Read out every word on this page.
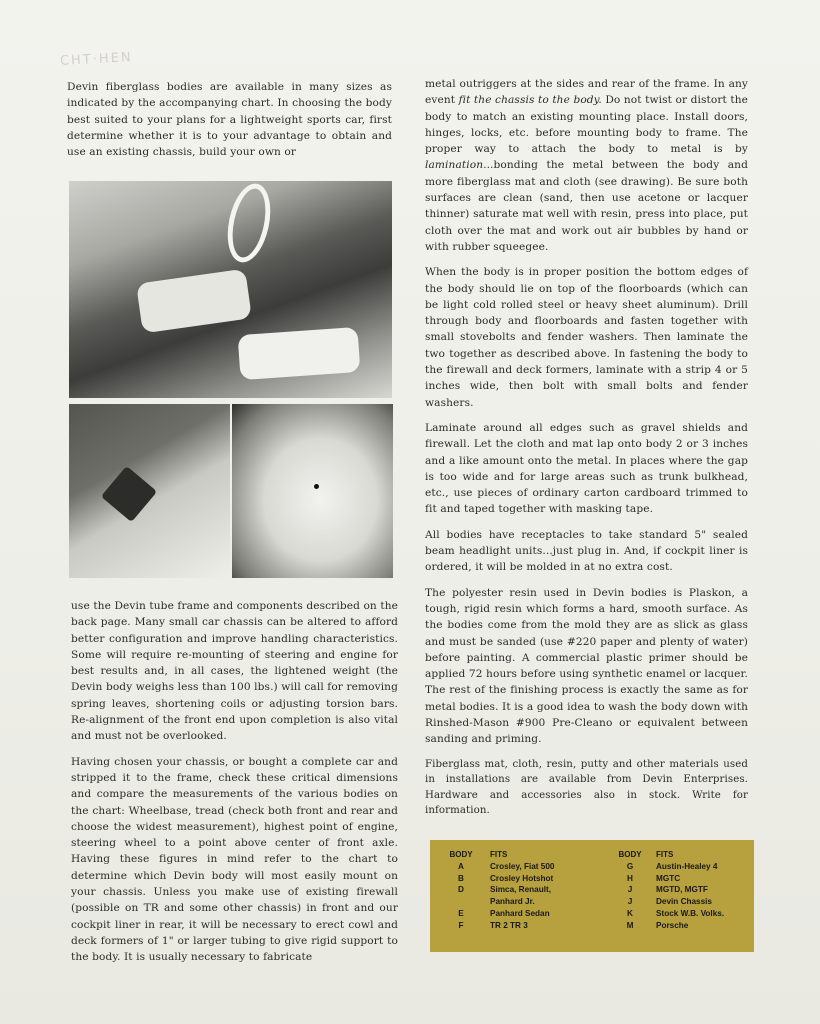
CHT·HEN

Devin fiberglass bodies are available in many sizes as indicated by the accompanying chart. In choosing the body best suited to your plans for a lightweight sports car, first determine whether it is to your advantage to obtain and use an existing chassis, build your own or

use the Devin tube frame and components described on the back page. Many small car chassis can be altered to afford better configuration and improve handling characteristics. Some will require re-mounting of steering and engine for best results and, in all cases, the lightened weight (the Devin body weighs less than 100 lbs.) will call for removing spring leaves, shortening coils or adjusting torsion bars. Re-alignment of the front end upon completion is also vital and must not be overlooked.

Having chosen your chassis, or bought a complete car and stripped it to the frame, check these critical dimensions and compare the measurements of the various bodies on the chart: Wheelbase, tread (check both front and rear and choose the widest measurement), highest point of engine, steering wheel to a point above center of front axle. Having these figures in mind refer to the chart to determine which Devin body will most easily mount on your chassis. Unless you make use of existing firewall (possible on TR and some other chassis) in front and our cockpit liner in rear, it will be necessary to erect cowl and deck formers of 1" or larger tubing to give rigid support to the body. It is usually necessary to fabricate

metal outriggers at the sides and rear of the frame. In any event fit the chassis to the body. Do not twist or distort the body to match an existing mounting place. Install doors, hinges, locks, etc. before mounting body to frame. The proper way to attach the body to metal is by lamination...bonding the metal between the body and more fiberglass mat and cloth (see drawing). Be sure both surfaces are clean (sand, then use acetone or lacquer thinner) saturate mat well with resin, press into place, put cloth over the mat and work out air bubbles by hand or with rubber squeegee.

When the body is in proper position the bottom edges of the body should lie on top of the floorboards (which can be light cold rolled steel or heavy sheet aluminum). Drill through body and floorboards and fasten together with small stovebolts and fender washers. Then laminate the two together as described above. In fastening the body to the firewall and deck formers, laminate with a strip 4 or 5 inches wide, then bolt with small bolts and fender washers.

Laminate around all edges such as gravel shields and firewall. Let the cloth and mat lap onto body 2 or 3 inches and a like amount onto the metal. In places where the gap is too wide and for large areas such as trunk bulkhead, etc., use pieces of ordinary carton cardboard trimmed to fit and taped together with masking tape.

All bodies have receptacles to take standard 5" sealed beam headlight units...just plug in. And, if cockpit liner is ordered, it will be molded in at no extra cost.

The polyester resin used in Devin bodies is Plaskon, a tough, rigid resin which forms a hard, smooth surface. As the bodies come from the mold they are as slick as glass and must be sanded (use #220 paper and plenty of water) before painting. A commercial plastic primer should be applied 72 hours before using synthetic enamel or lacquer. The rest of the finishing process is exactly the same as for metal bodies. It is a good idea to wash the body down with Rinshed-Mason #900 Pre-Cleano or equivalent between sanding and priming.

Fiberglass mat, cloth, resin, putty and other materials used in installations are available from Devin Enterprises. Hardware and accessories also in stock. Write for information.

BODY	FITS		BODY	FITS
A	Crosley, Fiat 500		G	Austin-Healey 4
B	Crosley Hotshot		H	MGTC
D	Simca, Renault,		J	MGTD, MGTF
	Panhard Jr.		J	Devin Chassis
E	Panhard Sedan		K	Stock W.B. Volks.
F	TR 2 TR 3		M	Porsche
